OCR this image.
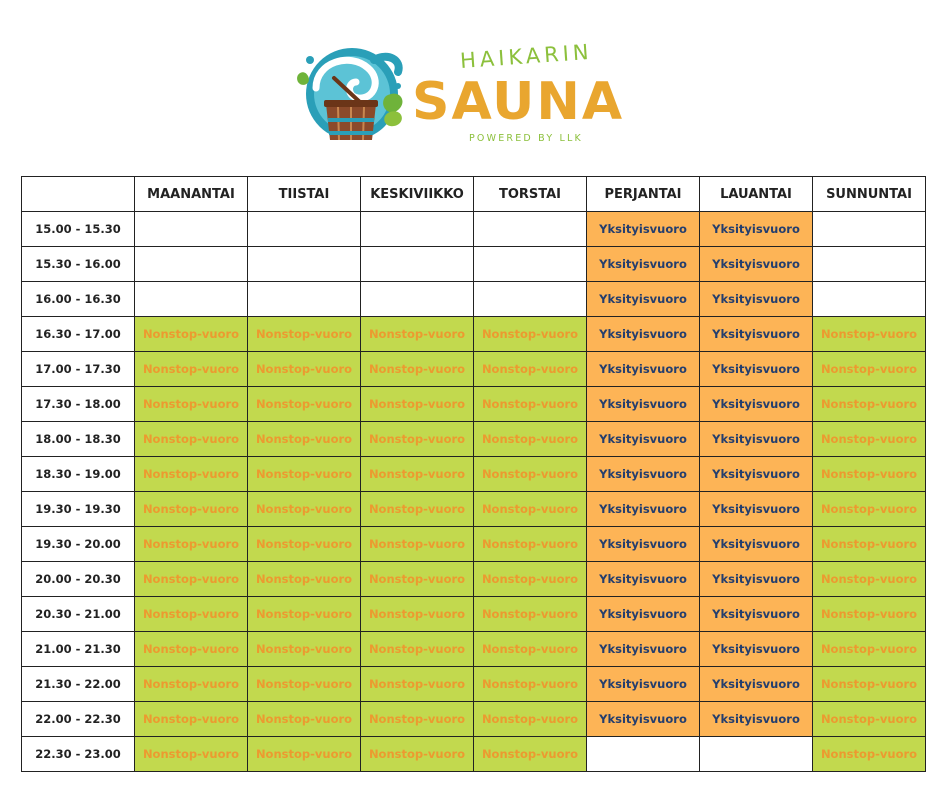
HAIKARIN
SAUNA
POWERED BY LLK
	MAANANTAI	TIISTAI	KESKIVIIKKO	TORSTAI	PERJANTAI	LAUANTAI	SUNNUNTAI
15.00 - 15.30					Yksityisvuoro	Yksityisvuoro	
15.30 - 16.00					Yksityisvuoro	Yksityisvuoro	
16.00 - 16.30					Yksityisvuoro	Yksityisvuoro	
16.30 - 17.00	Nonstop-vuoro	Nonstop-vuoro	Nonstop-vuoro	Nonstop-vuoro	Yksityisvuoro	Yksityisvuoro	Nonstop-vuoro
17.00 - 17.30	Nonstop-vuoro	Nonstop-vuoro	Nonstop-vuoro	Nonstop-vuoro	Yksityisvuoro	Yksityisvuoro	Nonstop-vuoro
17.30 - 18.00	Nonstop-vuoro	Nonstop-vuoro	Nonstop-vuoro	Nonstop-vuoro	Yksityisvuoro	Yksityisvuoro	Nonstop-vuoro
18.00 - 18.30	Nonstop-vuoro	Nonstop-vuoro	Nonstop-vuoro	Nonstop-vuoro	Yksityisvuoro	Yksityisvuoro	Nonstop-vuoro
18.30 - 19.00	Nonstop-vuoro	Nonstop-vuoro	Nonstop-vuoro	Nonstop-vuoro	Yksityisvuoro	Yksityisvuoro	Nonstop-vuoro
19.30 - 19.30	Nonstop-vuoro	Nonstop-vuoro	Nonstop-vuoro	Nonstop-vuoro	Yksityisvuoro	Yksityisvuoro	Nonstop-vuoro
19.30 - 20.00	Nonstop-vuoro	Nonstop-vuoro	Nonstop-vuoro	Nonstop-vuoro	Yksityisvuoro	Yksityisvuoro	Nonstop-vuoro
20.00 - 20.30	Nonstop-vuoro	Nonstop-vuoro	Nonstop-vuoro	Nonstop-vuoro	Yksityisvuoro	Yksityisvuoro	Nonstop-vuoro
20.30 - 21.00	Nonstop-vuoro	Nonstop-vuoro	Nonstop-vuoro	Nonstop-vuoro	Yksityisvuoro	Yksityisvuoro	Nonstop-vuoro
21.00 - 21.30	Nonstop-vuoro	Nonstop-vuoro	Nonstop-vuoro	Nonstop-vuoro	Yksityisvuoro	Yksityisvuoro	Nonstop-vuoro
21.30 - 22.00	Nonstop-vuoro	Nonstop-vuoro	Nonstop-vuoro	Nonstop-vuoro	Yksityisvuoro	Yksityisvuoro	Nonstop-vuoro
22.00 - 22.30	Nonstop-vuoro	Nonstop-vuoro	Nonstop-vuoro	Nonstop-vuoro	Yksityisvuoro	Yksityisvuoro	Nonstop-vuoro
22.30 - 23.00	Nonstop-vuoro	Nonstop-vuoro	Nonstop-vuoro	Nonstop-vuoro			Nonstop-vuoro
